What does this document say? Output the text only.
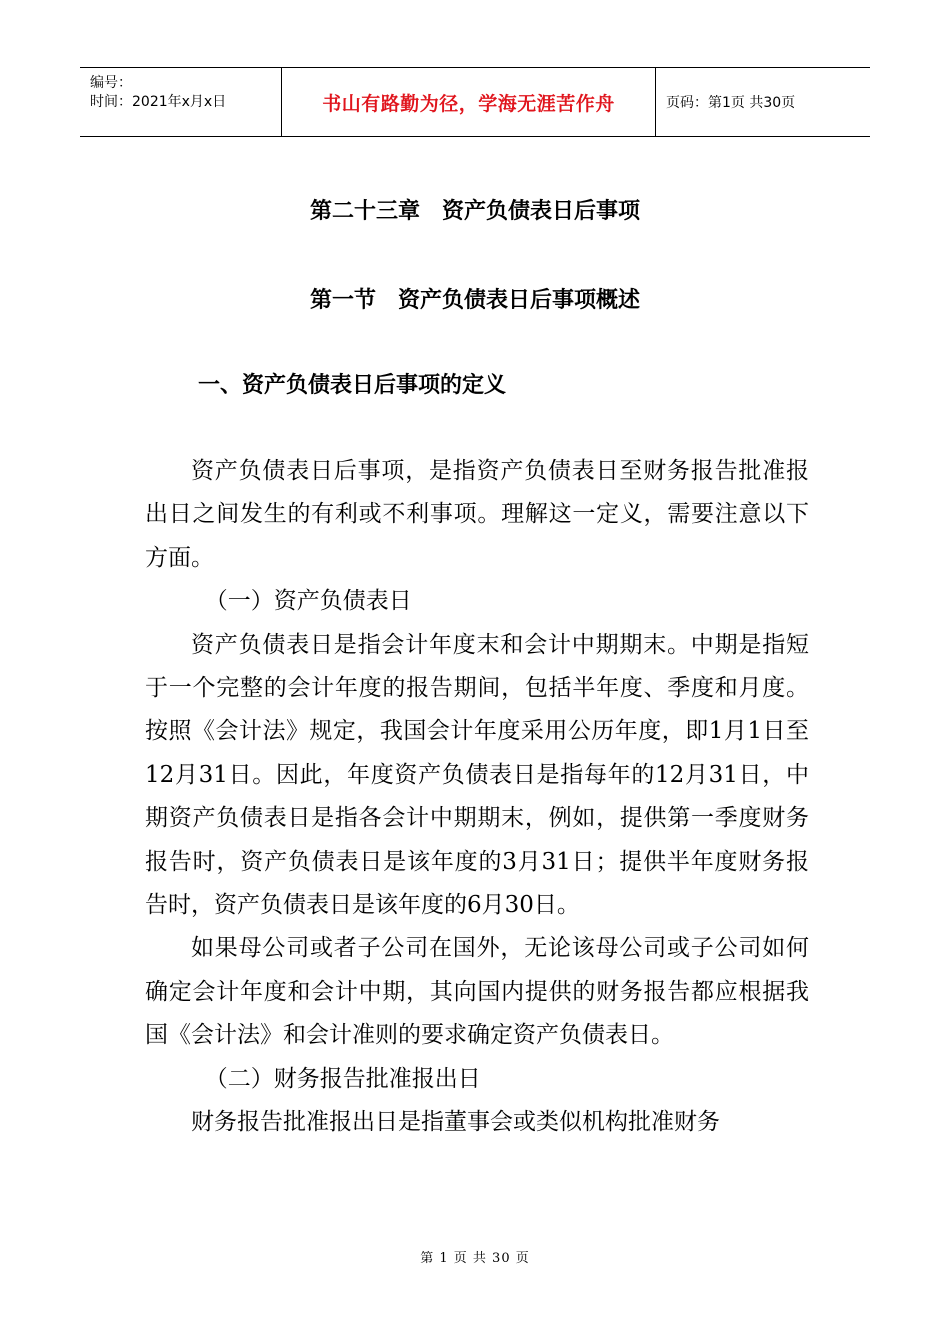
编号：
时间：2021年x月x日	书山有路勤为径，学海无涯苦作舟	页码：第1页 共30页
第二十三章　资产负债表日后事项
第一节　资产负债表日后事项概述
一、资产负债表日后事项的定义

资产负债表日后事项，是指资产负债表日至财务报告批准报出日之间发生的有利或不利事项。理解这一定义，需要注意以下方面。

（一）资产负债表日

资产负债表日是指会计年度末和会计中期期末。中期是指短于一个完整的会计年度的报告期间，包括半年度、季度和月度。按照《会计法》规定，我国会计年度采用公历年度，即1月1日至12月31日。因此，年度资产负债表日是指每年的12月31日，中期资产负债表日是指各会计中期期末，例如，提供第一季度财务报告时，资产负债表日是该年度的3月31日；提供半年度财务报告时，资产负债表日是该年度的6月30日。

如果母公司或者子公司在国外，无论该母公司或子公司如何确定会计年度和会计中期，其向国内提供的财务报告都应根据我国《会计法》和会计准则的要求确定资产负债表日。

（二）财务报告批准报出日

财务报告批准报出日是指董事会或类似机构批准财务

第 1 页 共 30 页
